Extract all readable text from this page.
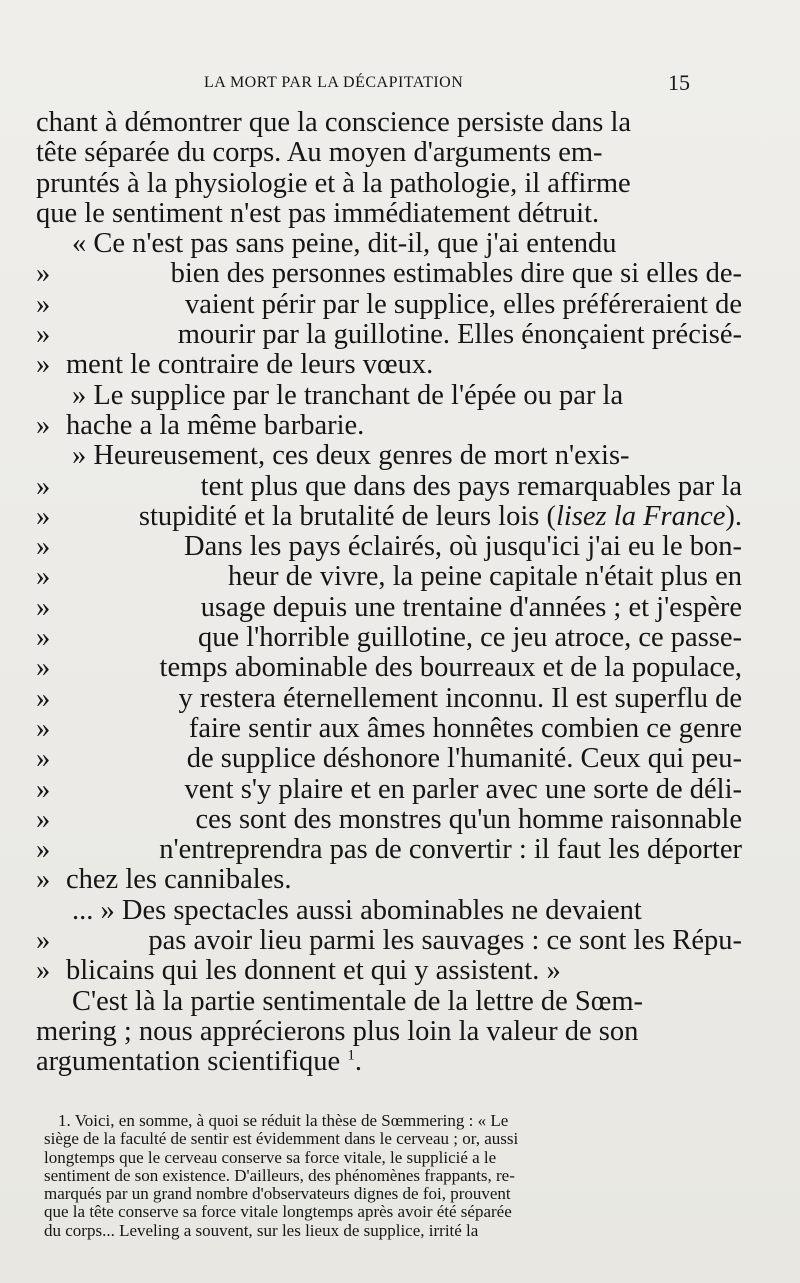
LA MORT PAR LA DÉCAPITATION	15
chant à démontrer que la conscience persiste dans la
tête séparée du corps. Au moyen d'arguments em-
pruntés à la physiologie et à la pathologie, il affirme
que le sentiment n'est pas immédiatement détruit.
« Ce n'est pas sans peine, dit-il, que j'ai entendu
»	bien des personnes estimables dire que si elles de-
»	vaient périr par le supplice, elles préféreraient de
»	mourir par la guillotine. Elles énonçaient précisé-
» ment le contraire de leurs vœux.
» Le supplice par le tranchant de l'épée ou par la
» hache a la même barbarie.
» Heureusement, ces deux genres de mort n'exis-
»	tent plus que dans des pays remarquables par la
»	stupidité et la brutalité de leurs lois (lisez la France).
»	Dans les pays éclairés, où jusqu'ici j'ai eu le bon-
»	heur de vivre, la peine capitale n'était plus en
»	usage depuis une trentaine d'années ; et j'espère
»	que l'horrible guillotine, ce jeu atroce, ce passe-
»	temps abominable des bourreaux et de la populace,
»	y restera éternellement inconnu. Il est superflu de
»	faire sentir aux âmes honnêtes combien ce genre
»	de supplice déshonore l'humanité. Ceux qui peu-
»	vent s'y plaire et en parler avec une sorte de déli-
»	ces sont des monstres qu'un homme raisonnable
»	n'entreprendra pas de convertir : il faut les déporter
» chez les cannibales.
... » Des spectacles aussi abominables ne devaient
»	pas avoir lieu parmi les sauvages : ce sont les Répu-
» blicains qui les donnent et qui y assistent. »
C'est là la partie sentimentale de la lettre de Sœm-
mering ; nous apprécierons plus loin la valeur de son
argumentation scientifique $^1$.
1. Voici, en somme, à quoi se réduit la thèse de Sœmmering : « Le
siège de la faculté de sentir est évidemment dans le cerveau ; or, aussi
longtemps que le cerveau conserve sa force vitale, le supplicié a le
sentiment de son existence. D'ailleurs, des phénomènes frappants, re-
marqués par un grand nombre d'observateurs dignes de foi, prouvent
que la tête conserve sa force vitale longtemps après avoir été séparée
du corps... Leveling a souvent, sur les lieux de supplice, irrité la
